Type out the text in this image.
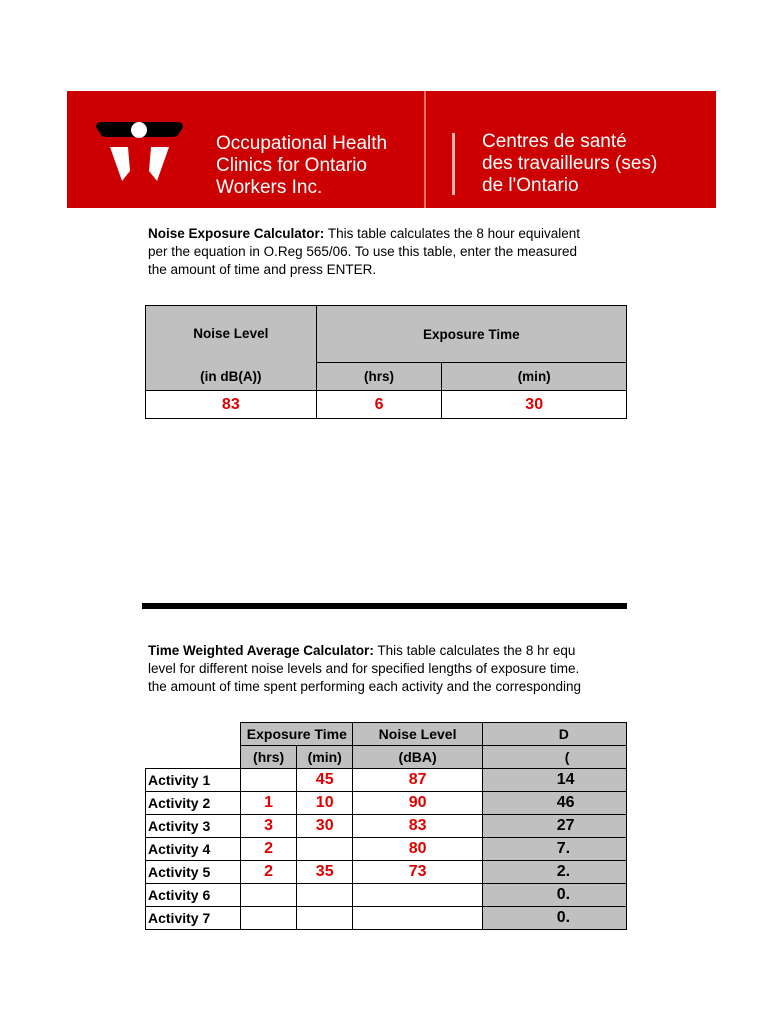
Occupational Health
Clinics for Ontario
Workers Inc.
Centres de santé
des travailleurs (ses)
de l'Ontario
Noise Exposure Calculator: This table calculates the 8 hour equivalent
per the equation in O.Reg 565/06. To use this table, enter the measured
the amount of time and press ENTER.
Noise Level
(in dB(A))	Exposure Time	
	(hrs)	(min)
83	6	30
Time Weighted Average Calculator: This table calculates the 8 hr equ
level for different noise levels and for specified lengths of exposure time.
the amount of time spent performing each activity and the corresponding
	Exposure Time		Noise Level	D
	(hrs)	(min)	(dBA)	(
Activity 1		45	87	14
Activity 2	1	10	90	46
Activity 3	3	30	83	27
Activity 4	2		80	7.
Activity 5	2	35	73	2.
Activity 6				0.
Activity 7				0.
